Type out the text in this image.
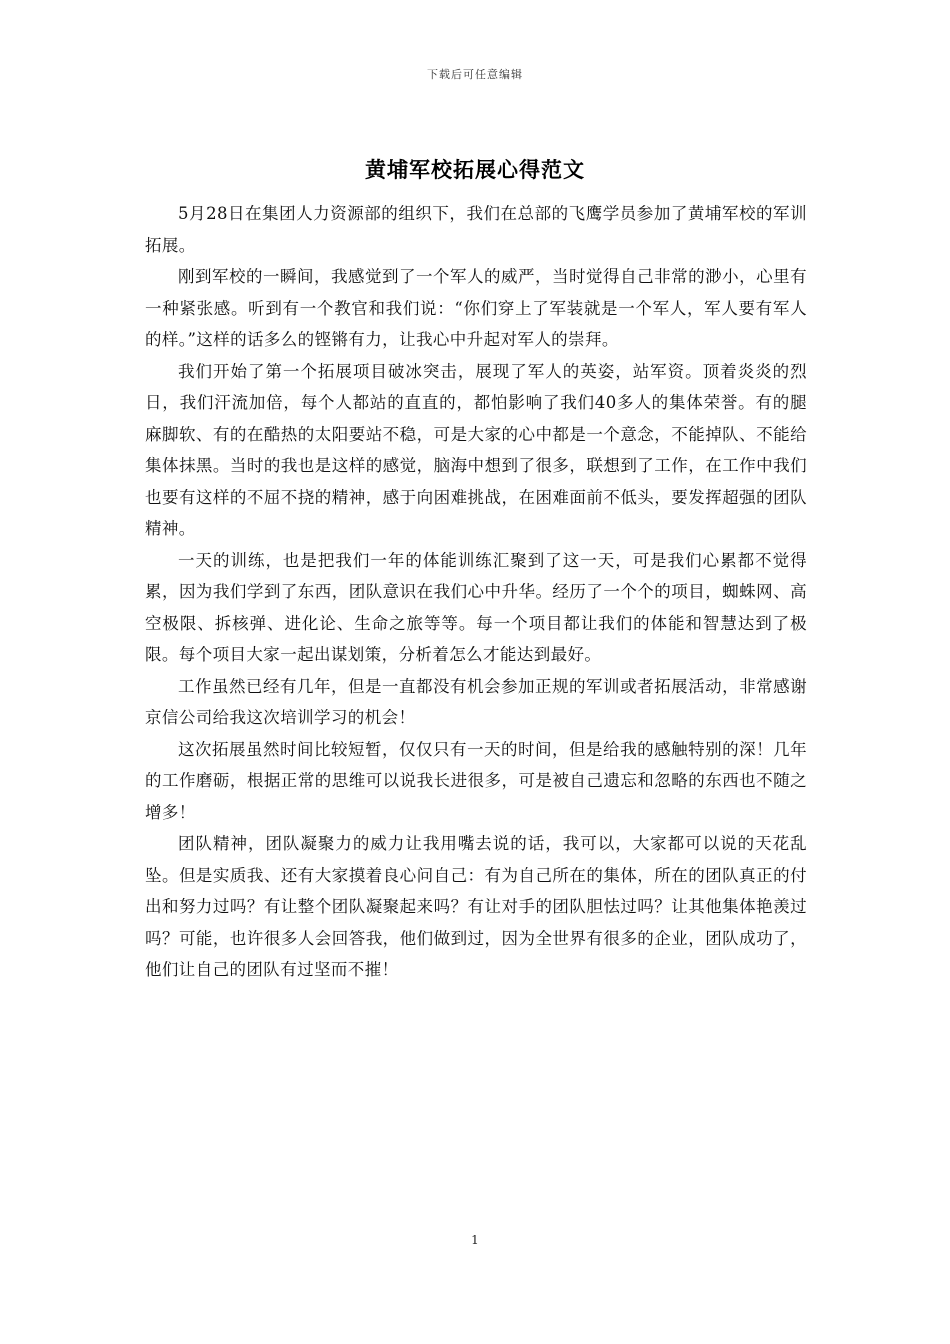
下载后可任意编辑
黄埔军校拓展心得范文

5月28日在集团人力资源部的组织下，我们在总部的飞鹰学员参加了黄埔军校的军训拓展。

刚到军校的一瞬间，我感觉到了一个军人的威严，当时觉得自己非常的渺小，心里有一种紧张感。听到有一个教官和我们说：“你们穿上了军装就是一个军人，军人要有军人的样。”这样的话多么的铿锵有力，让我心中升起对军人的崇拜。

我们开始了第一个拓展项目破冰突击，展现了军人的英姿，站军资。顶着炎炎的烈日，我们汗流加倍，每个人都站的直直的，都怕影响了我们40多人的集体荣誉。有的腿麻脚软、有的在酷热的太阳要站不稳，可是大家的心中都是一个意念，不能掉队、不能给集体抹黑。当时的我也是这样的感觉，脑海中想到了很多，联想到了工作，在工作中我们也要有这样的不屈不挠的精神，感于向困难挑战，在困难面前不低头，要发挥超强的团队精神。

一天的训练，也是把我们一年的体能训练汇聚到了这一天，可是我们心累都不觉得累，因为我们学到了东西，团队意识在我们心中升华。经历了一个个的项目，蜘蛛网、高空极限、拆核弹、进化论、生命之旅等等。每一个项目都让我们的体能和智慧达到了极限。每个项目大家一起出谋划策，分析着怎么才能达到最好。

工作虽然已经有几年，但是一直都没有机会参加正规的军训或者拓展活动，非常感谢京信公司给我这次培训学习的机会！

这次拓展虽然时间比较短暂，仅仅只有一天的时间，但是给我的感触特别的深！几年的工作磨砺，根据正常的思维可以说我长进很多，可是被自己遗忘和忽略的东西也不随之增多！

团队精神，团队凝聚力的威力让我用嘴去说的话，我可以，大家都可以说的天花乱坠。但是实质我、还有大家摸着良心问自己：有为自己所在的集体，所在的团队真正的付出和努力过吗？有让整个团队凝聚起来吗？有让对手的团队胆怯过吗？让其他集体艳羡过吗？可能，也许很多人会回答我，他们做到过，因为全世界有很多的企业，团队成功了，他们让自己的团队有过坚而不摧！

1
